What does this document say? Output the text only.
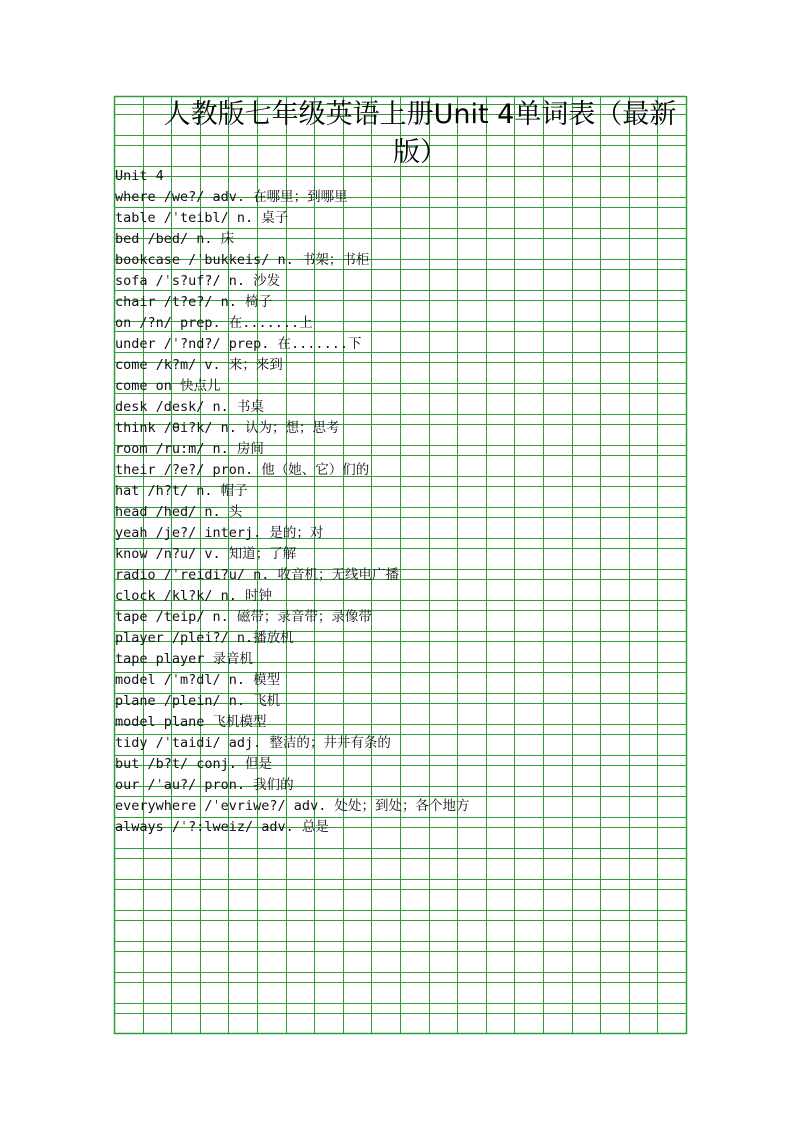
人教版七年级英语上册Unit 4单词表（最新
版）
Unit 4
where /we?/ adv. 在哪里；到哪里
table /ˈteibl/ n. 桌子
bed /bed/ n. 床
bookcase /ˈbukkeis/ n. 书架；书柜
sofa /ˈs?uf?/ n. 沙发
chair /t?e?/ n. 椅子
on /?n/ prep. 在.......上
under /ˈ?nd?/ prep. 在.......下
come /k?m/ v. 来；来到
come on 快点儿
desk /desk/ n. 书桌
think /θi?k/ n. 认为；想；思考
room /ru:m/ n. 房间
their /?e?/ pron. 他（她、它）们的
hat /h?t/ n. 帽子
head /hed/ n. 头
yeah /je?/ interj. 是的；对
know /n?u/ v. 知道；了解
radio /ˈreidi?u/ n. 收音机；无线电广播
clock /kl?k/ n. 时钟
tape /teip/ n. 磁带；录音带；录像带
player /plei?/ n.播放机
tape player 录音机
model /ˈm?dl/ n. 模型
plane /plein/ n. 飞机
model plane 飞机模型
tidy /ˈtaidi/ adj. 整洁的；井井有条的
but /b?t/ conj. 但是
our /ˈau?/ pron. 我们的
everywhere /ˈevriwe?/ adv. 处处；到处；各个地方
always /ˈ?:lweiz/ adv. 总是
